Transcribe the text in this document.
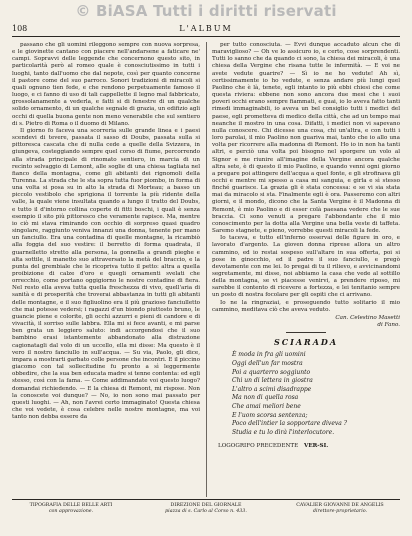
© BiASA Tutti i diritti riservati
108	L'ALBUM

passano che gli uomini rileggono sempre con nuova sorpresa, e le giovinette cantano con piacere nell'andarsene a faticare ne' campi. Sopravvi delle leggende che concernono questo sito, in particolarità però al romeo quale è conosciutissimo in tutti i luoghi, tanto dall'uomo che dal nepote, così per quanto concerne il pastore come del suo parroco. Sonori tradizioni di miracoli si quali ognuno tien fede, e che rendono perpetuamente famoso il luogo, e ci fanno di uso di tali cappellette il legno mal fabbricato, grossolanamente a vederla, e fatti si di fenestre di un qualche solido ornamento, di un qualche segnale di grazia, un edifizio agli occhi di quella buona gente non meno venerabile che sul sentiero di s. Pietro di Roma o il duomo di Milano.

Il giorno fo faceva una scorreria sulle grande linea e i paesi scendevi di tevere, passata il sasso di Doubs, passata sulla si pittoresca cascata che di nulla cede a quelle della Svizzera, in giungeva, costeggiando sempre quel corso di fiume, percorrendo alla strada principale di rinomato sentiero, in marcia di un recinto selvaggio di Lemont, alle soglie di una chiesa tagliata nel fianco della montagna, come gli abitanti dei rignomoli della Turenna. La strada che le sta sopra tutta fuor piombo, in forma di una volta si posa su in alto la strada di Morteau; a basso un piccolo vestibolo che sprigiona il torrente la più ridente della valle, la quale viene insultata quando a lungo il tratto del Doubs, e tutto il d'intorno collina coperte di fitti boschi, i quali è senza esempio il sito più pittoresco che veramente rapisce. Ma, mentre io ciò mi stava rimirando con occhio di sorpreso quasi quadro singolare, raggiunto veniva innanzi una donna, tenente per mano un fanciullo. Era una contadina di quelle montagne, la ricambiò alla foggia del suo vestire: il berretto di forma quadrata, il guarnelletto stretto alla persona, la gonnella a grandi pieghe e alta sottile, il manetto suo attraversato la metà del braccio, e la punta del grembiale che le ricopriva tutto il petto: altra a quella proibizione di calze d'oro e quegli ornamenti svelati che orrecchio, come portano oggigiorno le nostre contadine di fiera. Nel resto ella aveva tutta quella freschezza di vivo, quell'aria di sanità e di prosperità che troverai abbastanza in tutti gli abitanti delle montagne, e il suo figliuolino era il più grazioso fanciulletto che mai potesse vedersi; i ragazzi d'un biondo piuttosto bruno, le guancie piene e colorite, gli occhi azzurri e pieni di candore e di vivacità, il sorriso sulle labbra. Ella mi si fece avanti, e mi parse ben grata un leggiero saluto: indi accorgendosi che il suo bambino erasi istantemente abbandonato alla distrazione cagionatagli dal volo di un uccello, ella mi disse: Ma questo è il vero il nostro fanciullo in sull'acqua. — Su via, Paolo, gli dice, impara a mostrarti garbato colle persone che incontri. E il piccino giacomo con tal sollecitudine fu pronto a sì leggermente obbedire, che la sua ben educata madre si tenne contenta: ed egli stesso, così con la fama. — Come addimandate voi questo luogo? domandai richiedendo. — E la chiesa di Remont, mi rispose. Non la conoscete voi dunque? — No, io non sono mai passato per questi luoghi. — Ah, non l'avrei certo immaginato! Questa chiesa che voi vedete, è cosa celebre nelle nostre montagne, ma voi tanto non debba essere da

per tutto conosciuta. — Evvi dunque accaduto alcun che di maraviglioso? — Oh ve lo assicuro io, e certo, cose sorprendenti. Tutti lo sanno che da quando ci sono, la chiesa dei miracoli, è una chiesa della Vergine che risana tutte le infermità. — E voi ne avete vedute guarire? — Sì io ne ho vedute! Ah sì, certissimamente io ho vedute, e senza andare più lungi quel Paolino che è là, tenete, egli intanto io più ebbi chiesi che come questa riviera: ebbene non sono ancora due mesi che i suoi poveri occhi erano sempre fiammati, e guai, io lo aveva fatto tanti rimedi immaginabili, io aveva un bel consiglio tutti i medici del paese, egli prometteva di medico della città, che ad un tempo mai neanche il mostro in una cosa. Difatti, i medici non vi sapevano nulla conoscere. Chi dicesse una cosa, chi un'altra, e con tutti i loro parolai, il mio Paolino non guariva mai, tanto che io allo una volta per ricorrere alla madonna di Remont. Ho io in non ha tanti altri, e perciò una volta poi bisogno nel sporgere un volo al Signor e me riunire all'imagine della Vergine ancora qualche altra sete, è di questo il mio Paolino, e quando venni ogni giorno a pregare poi attingere dell'acqua a quel fonte, e gli strofinava gli occhi e mentre mi spesso a casa mi sanguia, e girla e sì stesso finché guarisce. La grazia gli è stata concessa: e se vi sia stata mai da miracolo si sta. Finalmente egli è ora. Passeremo con altri giorni, e il mondo, dicono che la Santa Vergine è il Madonna di Remont, è mio Paolino e di esser colà paesana vedere che le sue braccia. Ci sono venuti a pregare l'abbondante che il mio conoscimento per la dotta alla Vergine una bella veste di taffeta. Saremo stagnete, e pieno, vorrebbe questi miracoli la fede.

Io taceva, e tutto ell'inferno osservai delle figure in oro, e lavorato d'argento. La gioven donna riprese allora un altro cammino, ed io restai sospeso sull'altare in sua offerta, poi si pose in ginocchio, ed il padre il suo fanciullo, e pregò devotamente con me lei. Io pregai di tu il rilievo, e avvicinandomi segretamente, mi disse, noi abbiamo la casa che vede al sottillo della montagna, se vi piacesse venirvi, a prendere riposo, mi sarebbe il contento di ricevere a fortezza, e lei tenitanio sempre un posto di nostra focolare per gli ospiti che ci arrivano.

Io ne la ringraziai, e proseguendo tutto solitario il mio cammino, meditava ciò che aveva veduto.

Can. Celestino Masetti
di Fano.
SCIARADA
È moda in fra gli uomini
Oggi dell'un far mostra
Poi a quarterro soggiunto
Chi un di lettera in giostra
L'altro a scimi disadrappe
Ma non di quella rosa
Che amai meliori bene
E l'uom scorsa sentenza;
Poco dell'intier la sopportare diveva ?
Studia e tu lo dirà l'interlocutore.
LOGOGRIFO PRECEDENTE VER-SI.
TIPOGRAFIA DELLE BELLE ARTI
con approvazione.
DIREZIONE DEL GIORNALE
piazza di s. Carlo al Corso n. 433.
CAVALIER GIOVANNI DE ANGELIS
direttore-proprietario.
